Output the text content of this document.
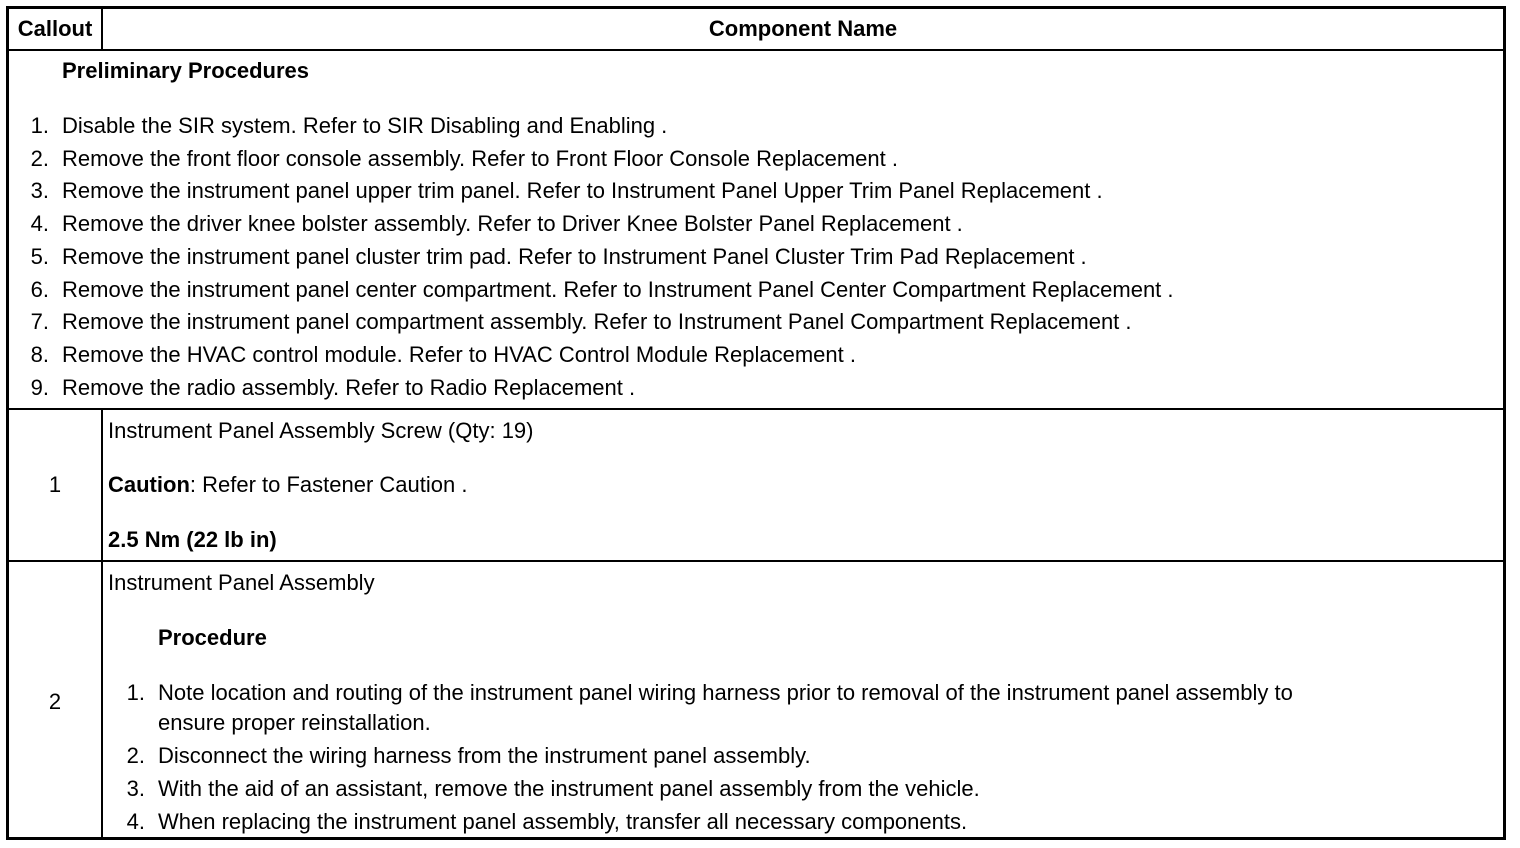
Callout	Component Name
Preliminary Procedures
1. Disable the SIR system. Refer to SIR Disabling and Enabling .
2. Remove the front floor console assembly. Refer to Front Floor Console Replacement .
3. Remove the instrument panel upper trim panel. Refer to Instrument Panel Upper Trim Panel Replacement .
4. Remove the driver knee bolster assembly. Refer to Driver Knee Bolster Panel Replacement .
5. Remove the instrument panel cluster trim pad. Refer to Instrument Panel Cluster Trim Pad Replacement .
6. Remove the instrument panel center compartment. Refer to Instrument Panel Center Compartment Replacement .
7. Remove the instrument panel compartment assembly. Refer to Instrument Panel Compartment Replacement .
8. Remove the HVAC control module. Refer to HVAC Control Module Replacement .
9. Remove the radio assembly. Refer to Radio Replacement .
1
Instrument Panel Assembly Screw (Qty: 19)
Caution: Refer to Fastener Caution .
2.5 Nm (22 lb in)
2
Instrument Panel Assembly
Procedure
1. Note location and routing of the instrument panel wiring harness prior to removal of the instrument panel assembly to
ensure proper reinstallation.
2. Disconnect the wiring harness from the instrument panel assembly.
3. With the aid of an assistant, remove the instrument panel assembly from the vehicle.
4. When replacing the instrument panel assembly, transfer all necessary components.
